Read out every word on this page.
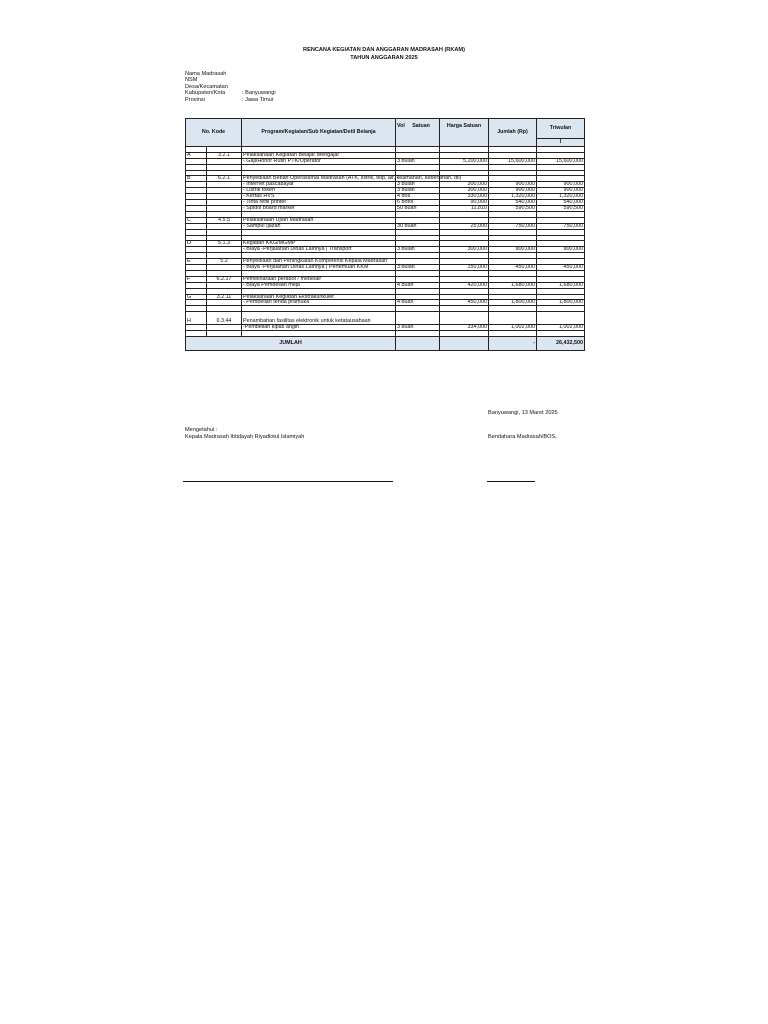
RENCANA KEGIATAN DAN ANGGARAN MADRASAH (RKAM)
TAHUN ANGGARAN 2025
Nama Madrasah
NSM
Desa/Kecamatan
Kabupaten/Kota	: Banyuwangi
Provinsi	: Jawa Timur
No. Kode		Program/Kegiatan/Sub Kegiatan/Detil Belanja	Vol Satuan	Harga Satuan	Jumlah (Rp)	Triwulan
						I

A	3.2.1	Pelaksanaan Kegiatan Belajar Mengajar				
		- Gaji/Honor Rutin PTK/Operator	3 bulan	5,200,000	15,600,000	15,600,000

B	6.2.1	Penyediaan Beban Operasional Madrasah (ATK, listrik, telp, air, keamanan, kebersihan, dll)				
		- Internet pascabayar	3 bulan	300,000	900,000	900,000
		- Listrik token	3 bulan	300,000	900,000	900,000
		- Kertas HVS	4 dos	330,000	1,320,000	1,320,000
		- Tinta refill printer	6 botol	90,000	540,000	540,000
		- Spidol board marker	50 buah	11,810	590,500	590,500

C	4.5.5	Pelaksanaan Ujian Madrasah				
		- Sampul Ijazah	30 buah	25,000	750,000	750,000

D	5.1.3	Kegiatan KKG/MGMP				
		- Biaya -Perjalanan Dinas Lainnya | Transport	3 bulan	300,000	900,000	900,000

E	5.2	Penyediaan dan Peningkatan Kompetensi Kepala Madrasah				
		- Biaya -Perjalanan Dinas Lainnya | Pertemuan KKM	3 bulan	150,000	450,000	450,000

F	6.2.17	Pemeliharaan perabot / mebelair				
		- Biaya Pembelian meja	4 buah	420,000	1,680,000	1,680,000

G	3.2.11	Pelaksanaan Kegiatan Ekstrakurikuler				
		- Pembelian tenda pramuka	4 buah	450,000	1,800,000	1,800,000

H	6.3.44	Penambahan fasilitas elektronik untuk ketatausahaan				
		-Pembelian kipas angin	3 buah	334,000	1,002,000	1,002,000

JUMLAH					-	26,432,500
Banyuwangi, 13 Maret 2025
Mengetahui :
Kepala Madrasah Ibtidayah Riyadlotul Islamiyah	Bendahara Madrasah/BOS,
